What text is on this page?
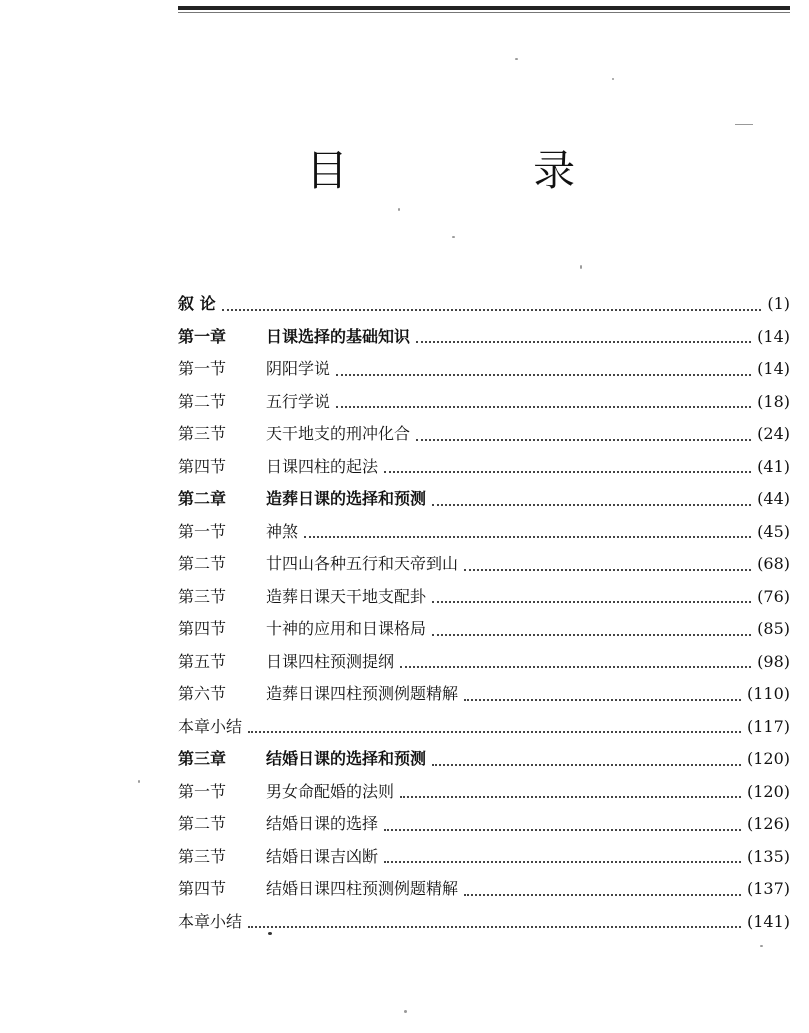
目 录
叙 论	(1)
第一章	日课选择的基础知识	(14)
第一节	阴阳学说	(14)
第二节	五行学说	(18)
第三节	天干地支的刑冲化合	(24)
第四节	日课四柱的起法	(41)
第二章	造葬日课的选择和预测	(44)
第一节	神煞	(45)
第二节	廿四山各种五行和天帝到山	(68)
第三节	造葬日课天干地支配卦	(76)
第四节	十神的应用和日课格局	(85)
第五节	日课四柱预测提纲	(98)
第六节	造葬日课四柱预测例题精解	(110)
本章小结	(117)
第三章	结婚日课的选择和预测	(120)
第一节	男女命配婚的法则	(120)
第二节	结婚日课的选择	(126)
第三节	结婚日课吉凶断	(135)
第四节	结婚日课四柱预测例题精解	(137)
本章小结	(141)
